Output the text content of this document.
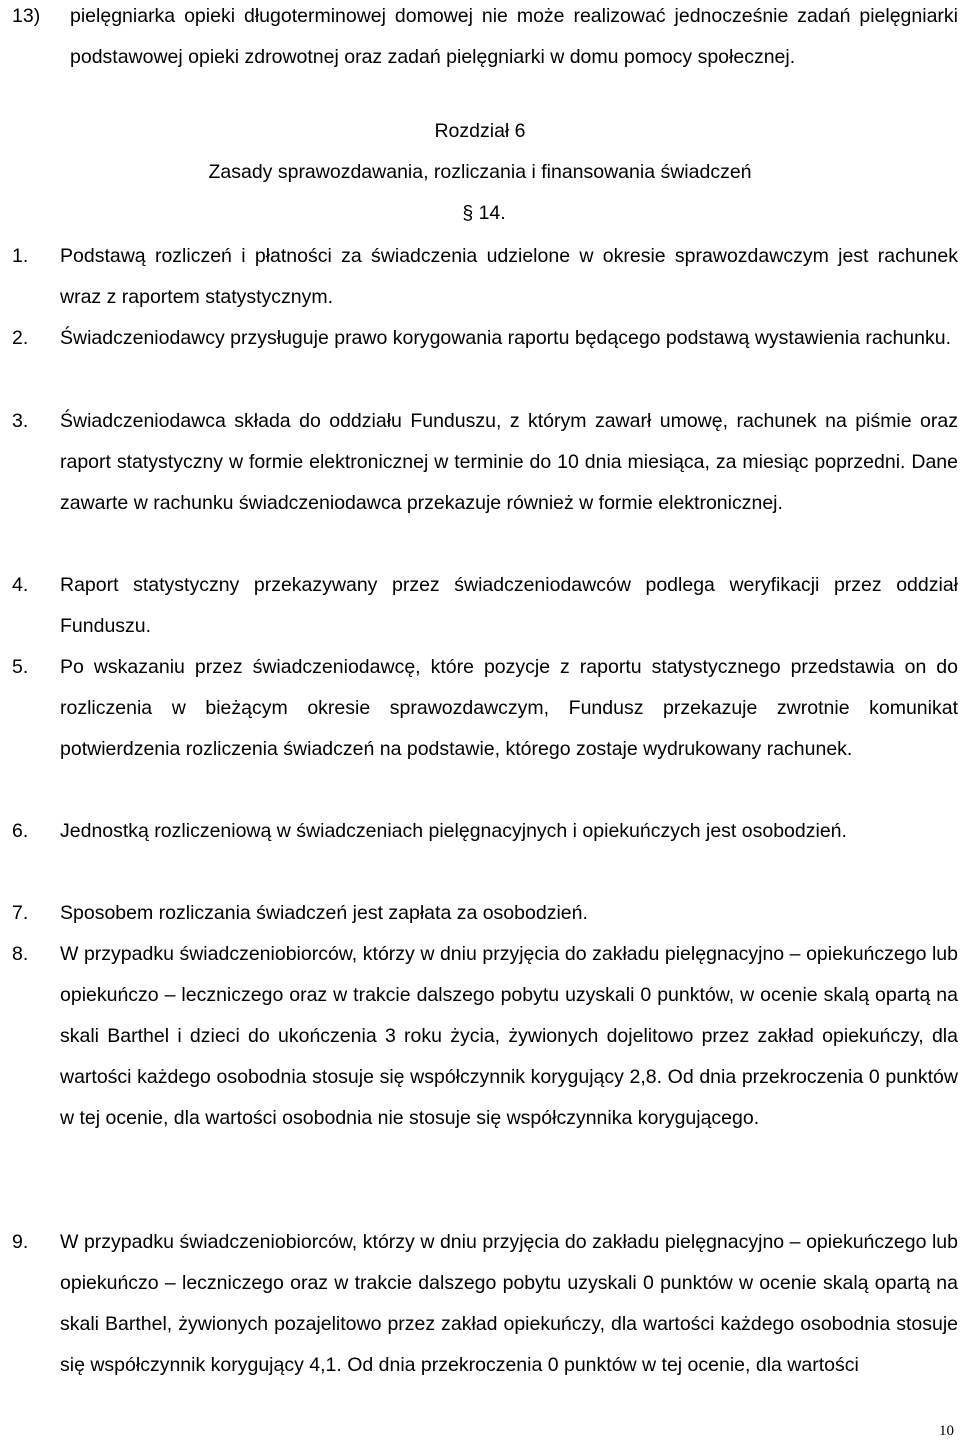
13) pielęgniarka opieki długoterminowej domowej nie może realizować jednocześnie zadań pielęgniarki podstawowej opieki zdrowotnej oraz zadań pielęgniarki w domu pomocy społecznej.
Rozdział 6
Zasady sprawozdawania, rozliczania i finansowania świadczeń
§ 14.
1. Podstawą rozliczeń i płatności za świadczenia udzielone w okresie sprawozdawczym jest rachunek wraz z raportem statystycznym.
2. Świadczeniodawcy przysługuje prawo korygowania raportu będącego podstawą wystawienia rachunku.
3. Świadczeniodawca składa do oddziału Funduszu, z którym zawarł umowę, rachunek na piśmie oraz raport statystyczny w formie elektronicznej w terminie do 10 dnia miesiąca, za miesiąc poprzedni. Dane zawarte w rachunku świadczeniodawca przekazuje również w formie elektronicznej.
4. Raport statystyczny przekazywany przez świadczeniodawców podlega weryfikacji przez oddział Funduszu.
5. Po wskazaniu przez świadczeniodawcę, które pozycje z raportu statystycznego przedstawia on do rozliczenia w bieżącym okresie sprawozdawczym, Fundusz przekazuje zwrotnie komunikat potwierdzenia rozliczenia świadczeń na podstawie, którego zostaje wydrukowany rachunek.
6. Jednostką rozliczeniową w świadczeniach pielęgnacyjnych i opiekuńczych jest osobodzień.
7. Sposobem rozliczania świadczeń jest zapłata za osobodzień.
8. W przypadku świadczeniobiorców, którzy w dniu przyjęcia do zakładu pielęgnacyjno – opiekuńczego lub opiekuńczo – leczniczego oraz w trakcie dalszego pobytu uzyskali 0 punktów, w ocenie skalą opartą na skali Barthel i dzieci do ukończenia 3 roku życia, żywionych dojelitowo przez zakład opiekuńczy, dla wartości każdego osobodnia stosuje się współczynnik korygujący 2,8. Od dnia przekroczenia 0 punktów w tej ocenie, dla wartości osobodnia nie stosuje się współczynnika korygującego.
9. W przypadku świadczeniobiorców, którzy w dniu przyjęcia do zakładu pielęgnacyjno – opiekuńczego lub opiekuńczo – leczniczego oraz w trakcie dalszego pobytu uzyskali 0 punktów w ocenie skalą opartą na skali Barthel, żywionych pozajelitowo przez zakład opiekuńczy, dla wartości każdego osobodnia stosuje się współczynnik korygujący 4,1. Od dnia przekroczenia 0 punktów w tej ocenie, dla wartości
10
